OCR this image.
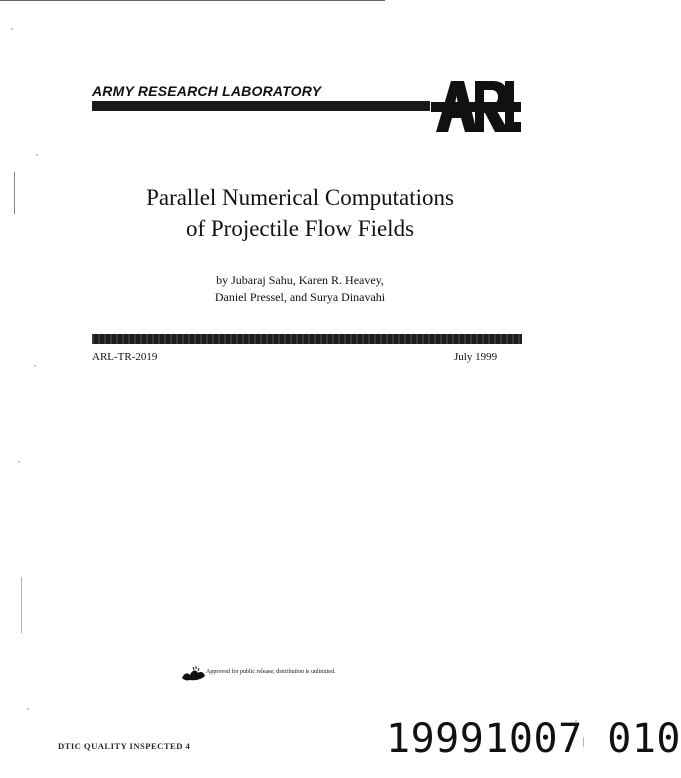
ARMY RESEARCH LABORATORY
Parallel Numerical Computations
of Projectile Flow Fields
by Jubaraj Sahu, Karen R. Heavey,
Daniel Pressel, and Surya Dinavahi
ARL-TR-2019	July 1999
Approved for public release; distribution is unlimited.
DTIC QUALITY INSPECTED 4	19991007 010
